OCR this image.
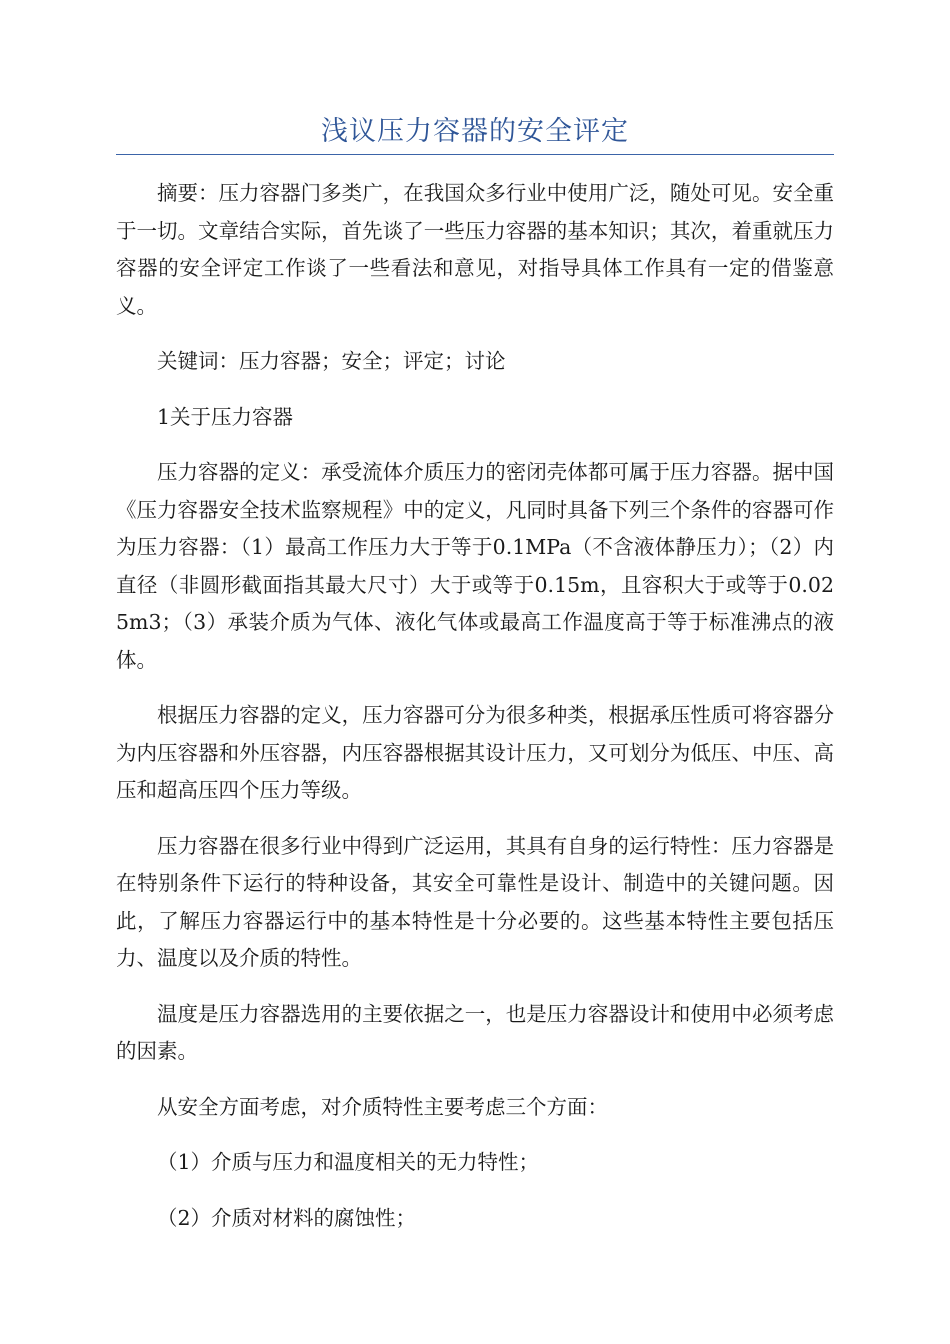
浅议压力容器的安全评定

摘要：压力容器门多类广，在我国众多行业中使用广泛，随处可见。安全重于一切。文章结合实际，首先谈了一些压力容器的基本知识；其次，着重就压力容器的安全评定工作谈了一些看法和意见，对指导具体工作具有一定的借鉴意义。

关键词：压力容器；安全；评定；讨论

1关于压力容器

压力容器的定义：承受流体介质压力的密闭壳体都可属于压力容器。据中国《压力容器安全技术监察规程》中的定义，凡同时具备下列三个条件的容器可作为压力容器：（1）最高工作压力大于等于0.1MPa（不含液体静压力）；（2）内直径（非圆形截面指其最大尺寸）大于或等于0.15m，且容积大于或等于0.025m3；（3）承装介质为气体、液化气体或最高工作温度高于等于标准沸点的液体。

根据压力容器的定义，压力容器可分为很多种类，根据承压性质可将容器分为内压容器和外压容器，内压容器根据其设计压力，又可划分为低压、中压、高压和超高压四个压力等级。

压力容器在很多行业中得到广泛运用，其具有自身的运行特性：压力容器是在特别条件下运行的特种设备，其安全可靠性是设计、制造中的关键问题。因此，了解压力容器运行中的基本特性是十分必要的。这些基本特性主要包括压力、温度以及介质的特性。

温度是压力容器选用的主要依据之一，也是压力容器设计和使用中必须考虑的因素。

从安全方面考虑，对介质特性主要考虑三个方面：

（1）介质与压力和温度相关的无力特性；

（2）介质对材料的腐蚀性；
